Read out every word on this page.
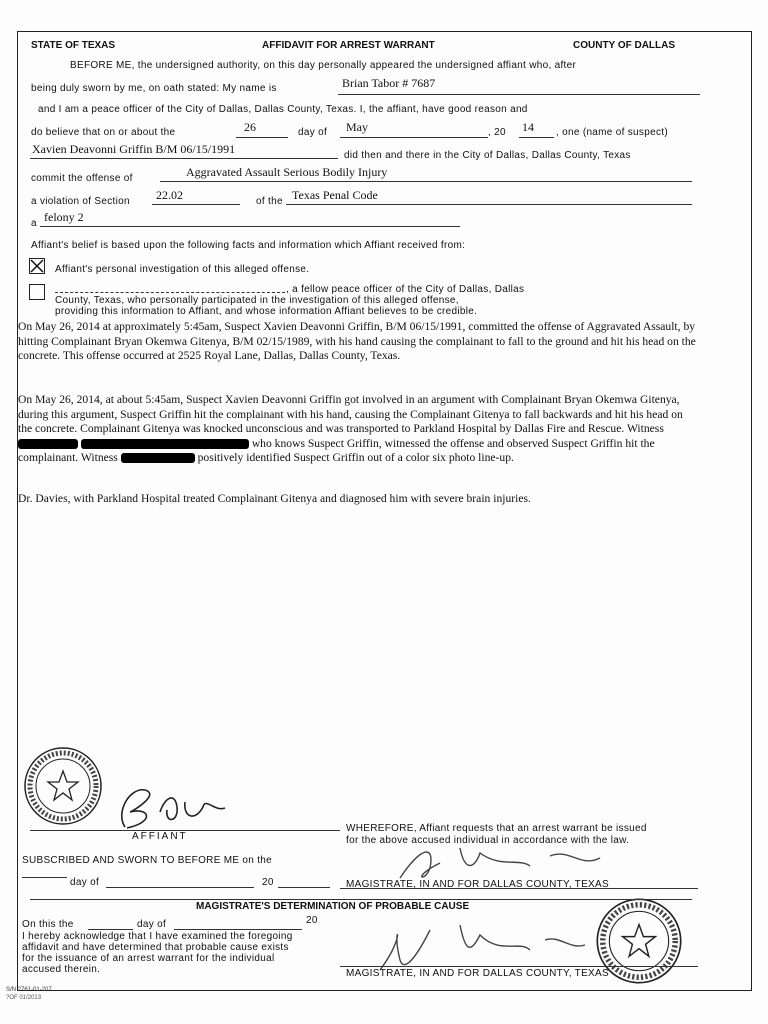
STATE OF TEXAS	AFFIDAVIT FOR ARREST WARRANT	COUNTY OF DALLAS
BEFORE ME, the undersigned authority, on this day personally appeared the undersigned affiant who, after
being duly sworn by me, on oath stated: My name is	Brian Tabor # 7687
and I am a peace officer of the City of Dallas, Dallas County, Texas. I, the affiant, have good reason and
do believe that on or about the	26	day of May	, 20 14 , one (name of suspect)
Xavien Deavonni Griffin B/M 06/15/1991	did then and there in the City of Dallas, Dallas County, Texas
commit the offense of	Aggravated Assault Serious Bodily Injury
a violation of Section 22.02	of the Texas Penal Code
a felony 2
Affiant's belief is based upon the following facts and information which Affiant received from:
Affiant's personal investigation of this alleged offense.
, a fellow peace officer of the City of Dallas, Dallas
County, Texas, who personally participated in the investigation of this alleged offense,
providing this information to Affiant, and whose information Affiant believes to be credible.
On May 26, 2014 at approximately 5:45am, Suspect Xavien Deavonni Griffin, B/M 06/15/1991, committed the offense of Aggravated Assault, by hitting Complainant Bryan Okemwa Gitenya, B/M 02/15/1989, with his hand causing the complainant to fall to the ground and hit his head on the concrete. This offense occurred at 2525 Royal Lane, Dallas, Dallas County, Texas.
On May 26, 2014, at about 5:45am, Suspect Xavien Deavonni Griffin got involved in an argument with Complainant Bryan Okemwa Gitenya, during this argument, Suspect Griffin hit the complainant with his hand, causing the Complainant Gitenya to fall backwards and hit his head on the concrete. Complainant Gitenya was knocked unconscious and was transported to Parkland Hospital by Dallas Fire and Rescue. Witness   who knows Suspect Griffin, witnessed the offense and observed Suspect Griffin hit the complainant. Witness	positively identified Suspect Griffin out of a color six photo line-up.
Dr. Davies, with Parkland Hospital treated Complainant Gitenya and diagnosed him with severe brain injuries.
AFFIANT
WHEREFORE, Affiant requests that an arrest warrant be issued
for the above accused individual in accordance with the law.
SUBSCRIBED AND SWORN TO BEFORE ME on the
day of	20	MAGISTRATE, IN AND FOR DALLAS COUNTY, TEXAS
MAGISTRATE'S DETERMINATION OF PROBABLE CAUSE
On this the	day of	20
I hereby acknowledge that I have examined the foregoing
affidavit and have determined that probable cause exists
for the issuance of an arrest warrant for the individual
accused therein.	MAGISTRATE, IN AND FOR DALLAS COUNTY, TEXAS
S/N 2761-01-207
?OF 01/2013
